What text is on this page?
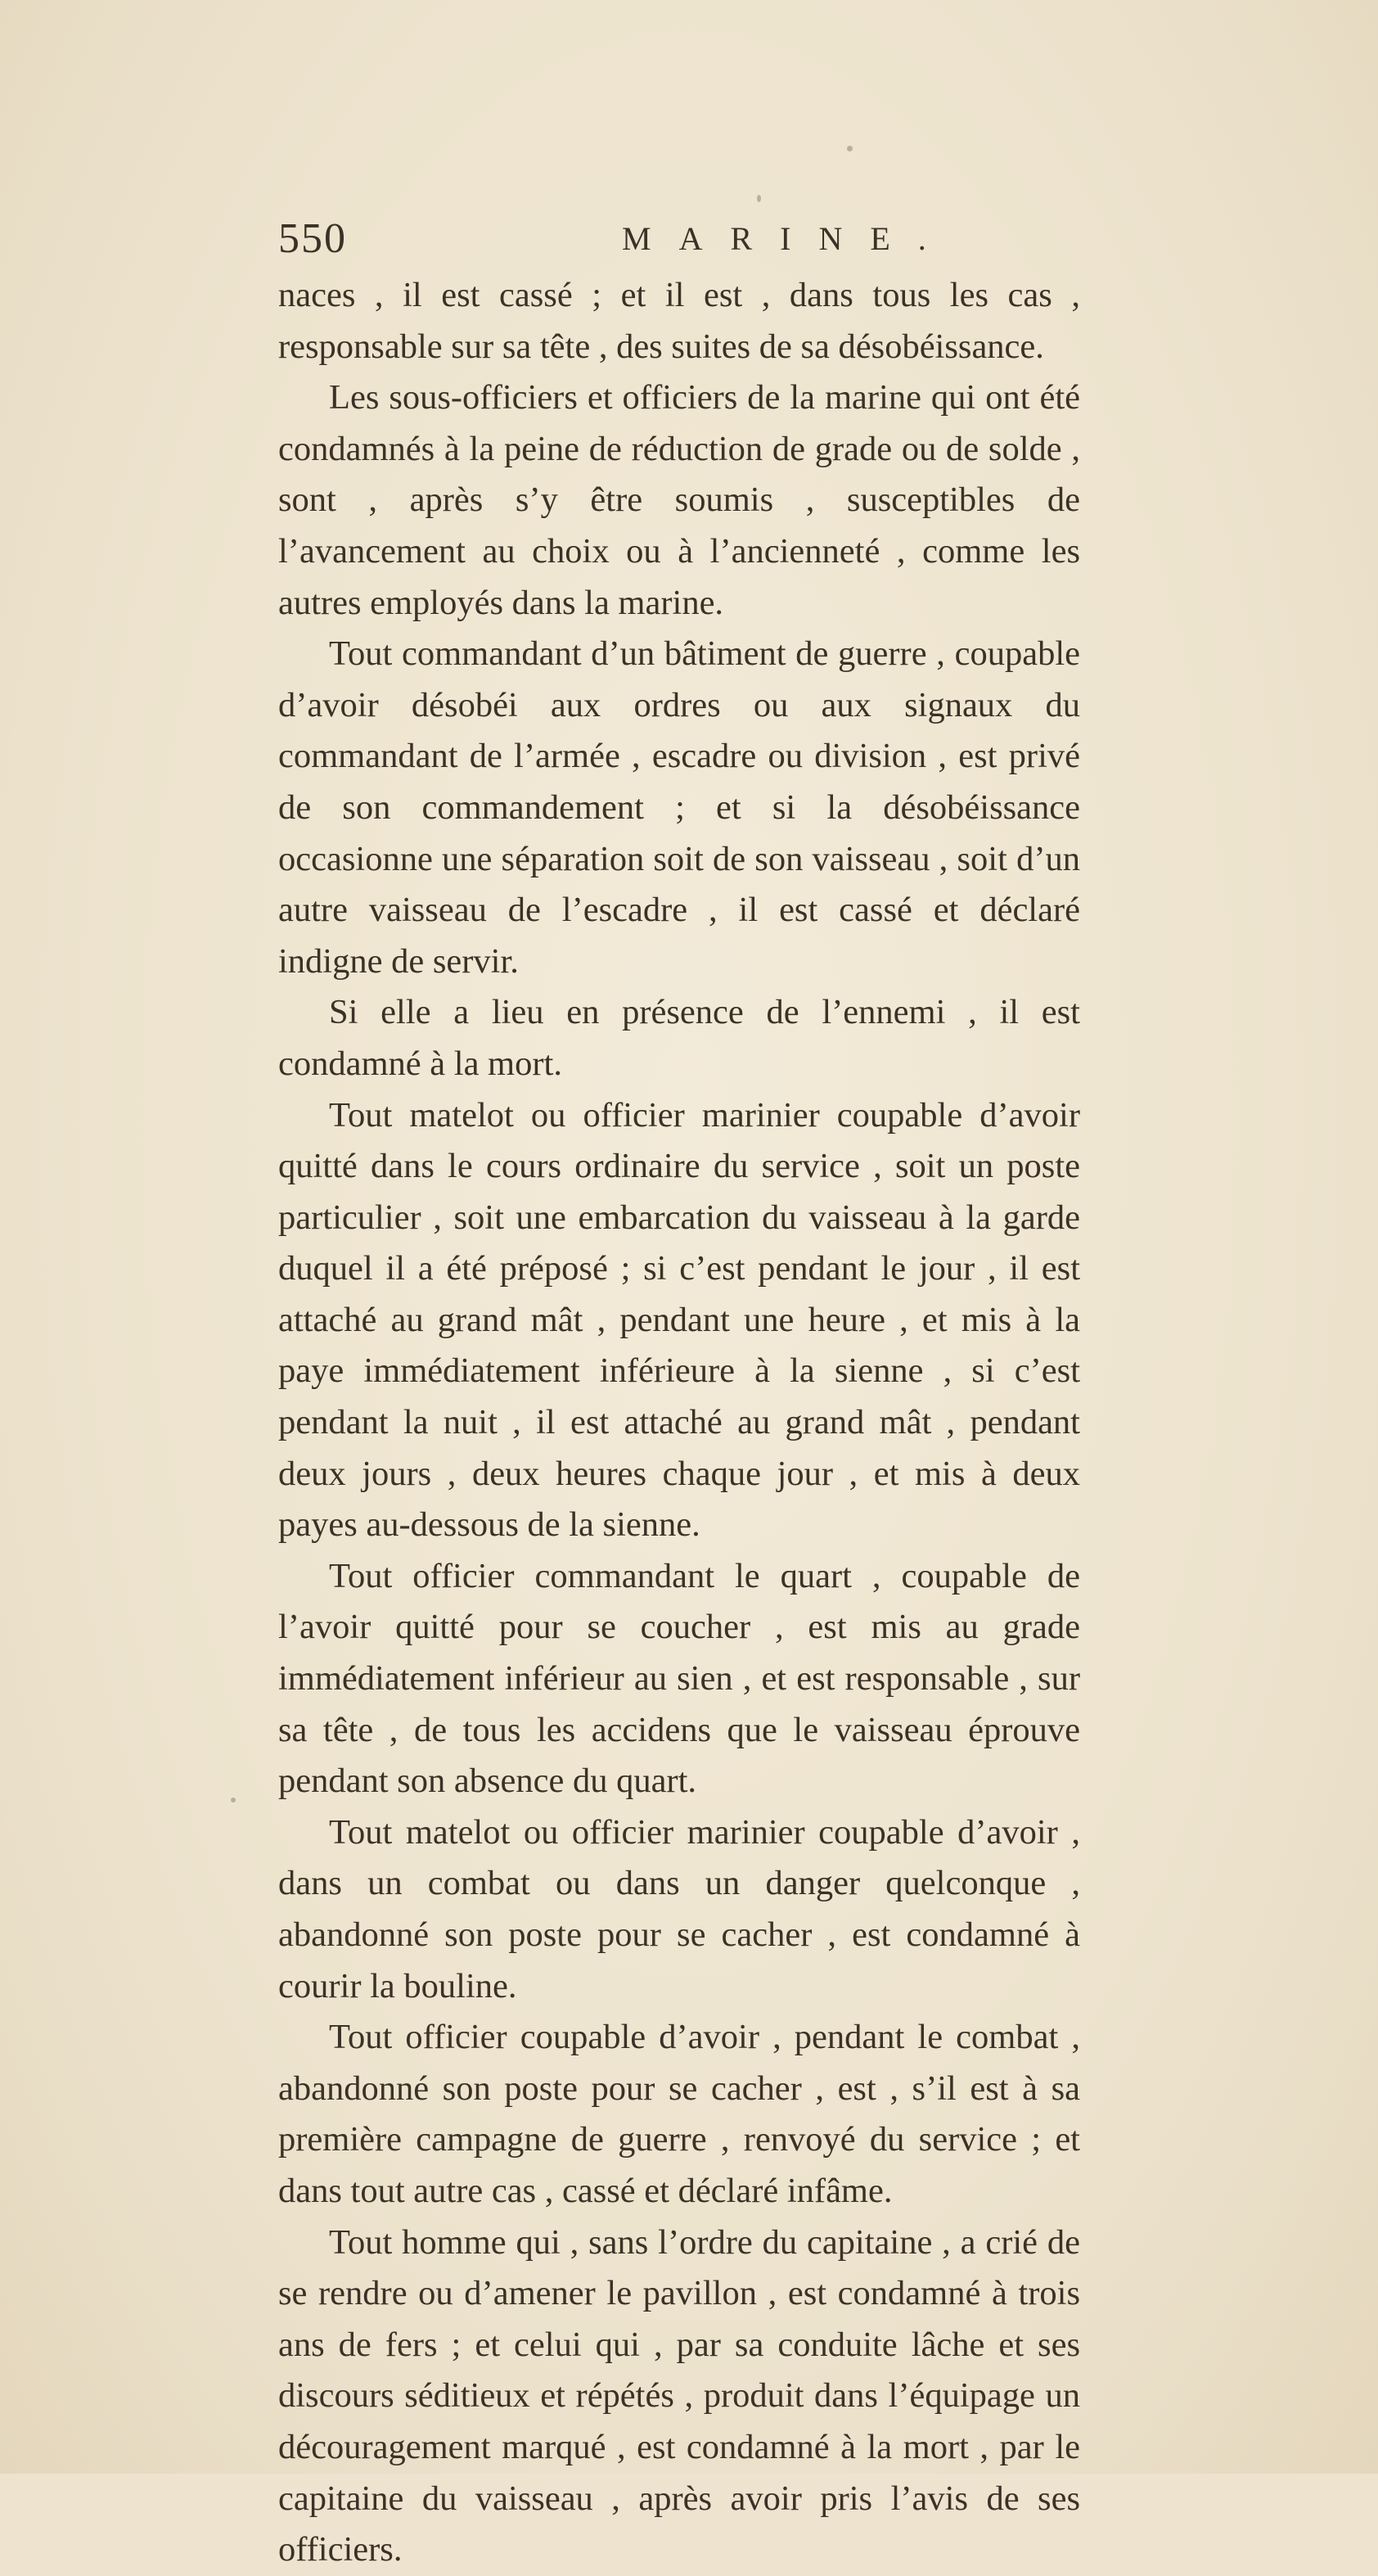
550	MARINE.

naces , il est cassé ; et il est , dans tous les cas , responsable sur sa tête , des suites de sa désobéissance.

Les sous-officiers et officiers de la marine qui ont été condamnés à la peine de réduction de grade ou de solde , sont , après s’y être soumis , susceptibles de l’avancement au choix ou à l’ancienneté , comme les autres employés dans la marine.

Tout commandant d’un bâtiment de guerre , coupable d’avoir désobéi aux ordres ou aux signaux du commandant de l’armée , escadre ou division , est privé de son commandement ; et si la désobéissance occasionne une séparation soit de son vaisseau , soit d’un autre vaisseau de l’escadre , il est cassé et déclaré indigne de servir.

Si elle a lieu en présence de l’ennemi , il est condamné à la mort.

Tout matelot ou officier marinier coupable d’avoir quitté dans le cours ordinaire du service , soit un poste particulier , soit une embarcation du vaisseau à la garde duquel il a été préposé ; si c’est pendant le jour , il est attaché au grand mât , pendant une heure , et mis à la paye immédiatement inférieure à la sienne , si c’est pendant la nuit , il est attaché au grand mât , pendant deux jours , deux heures chaque jour , et mis à deux payes au-dessous de la sienne.

Tout officier commandant le quart , coupable de l’avoir quitté pour se coucher , est mis au grade immédiatement inférieur au sien , et est responsable , sur sa tête , de tous les accidens que le vaisseau éprouve pendant son absence du quart.

Tout matelot ou officier marinier coupable d’avoir , dans un combat ou dans un danger quelconque , abandonné son poste pour se cacher , est condamné à courir la bouline.

Tout officier coupable d’avoir , pendant le combat , abandonné son poste pour se cacher , est , s’il est à sa première campagne de guerre , renvoyé du service ; et dans tout autre cas , cassé et déclaré infâme.

Tout homme qui , sans l’ordre du capitaine , a crié de se rendre ou d’amener le pavillon , est condamné à trois ans de fers ; et celui qui , par sa conduite lâche et ses discours séditieux et répétés , produit dans l’équipage un découragement marqué , est condamné à la mort , par le capitaine du vaisseau , après avoir pris l’avis de ses officiers.
